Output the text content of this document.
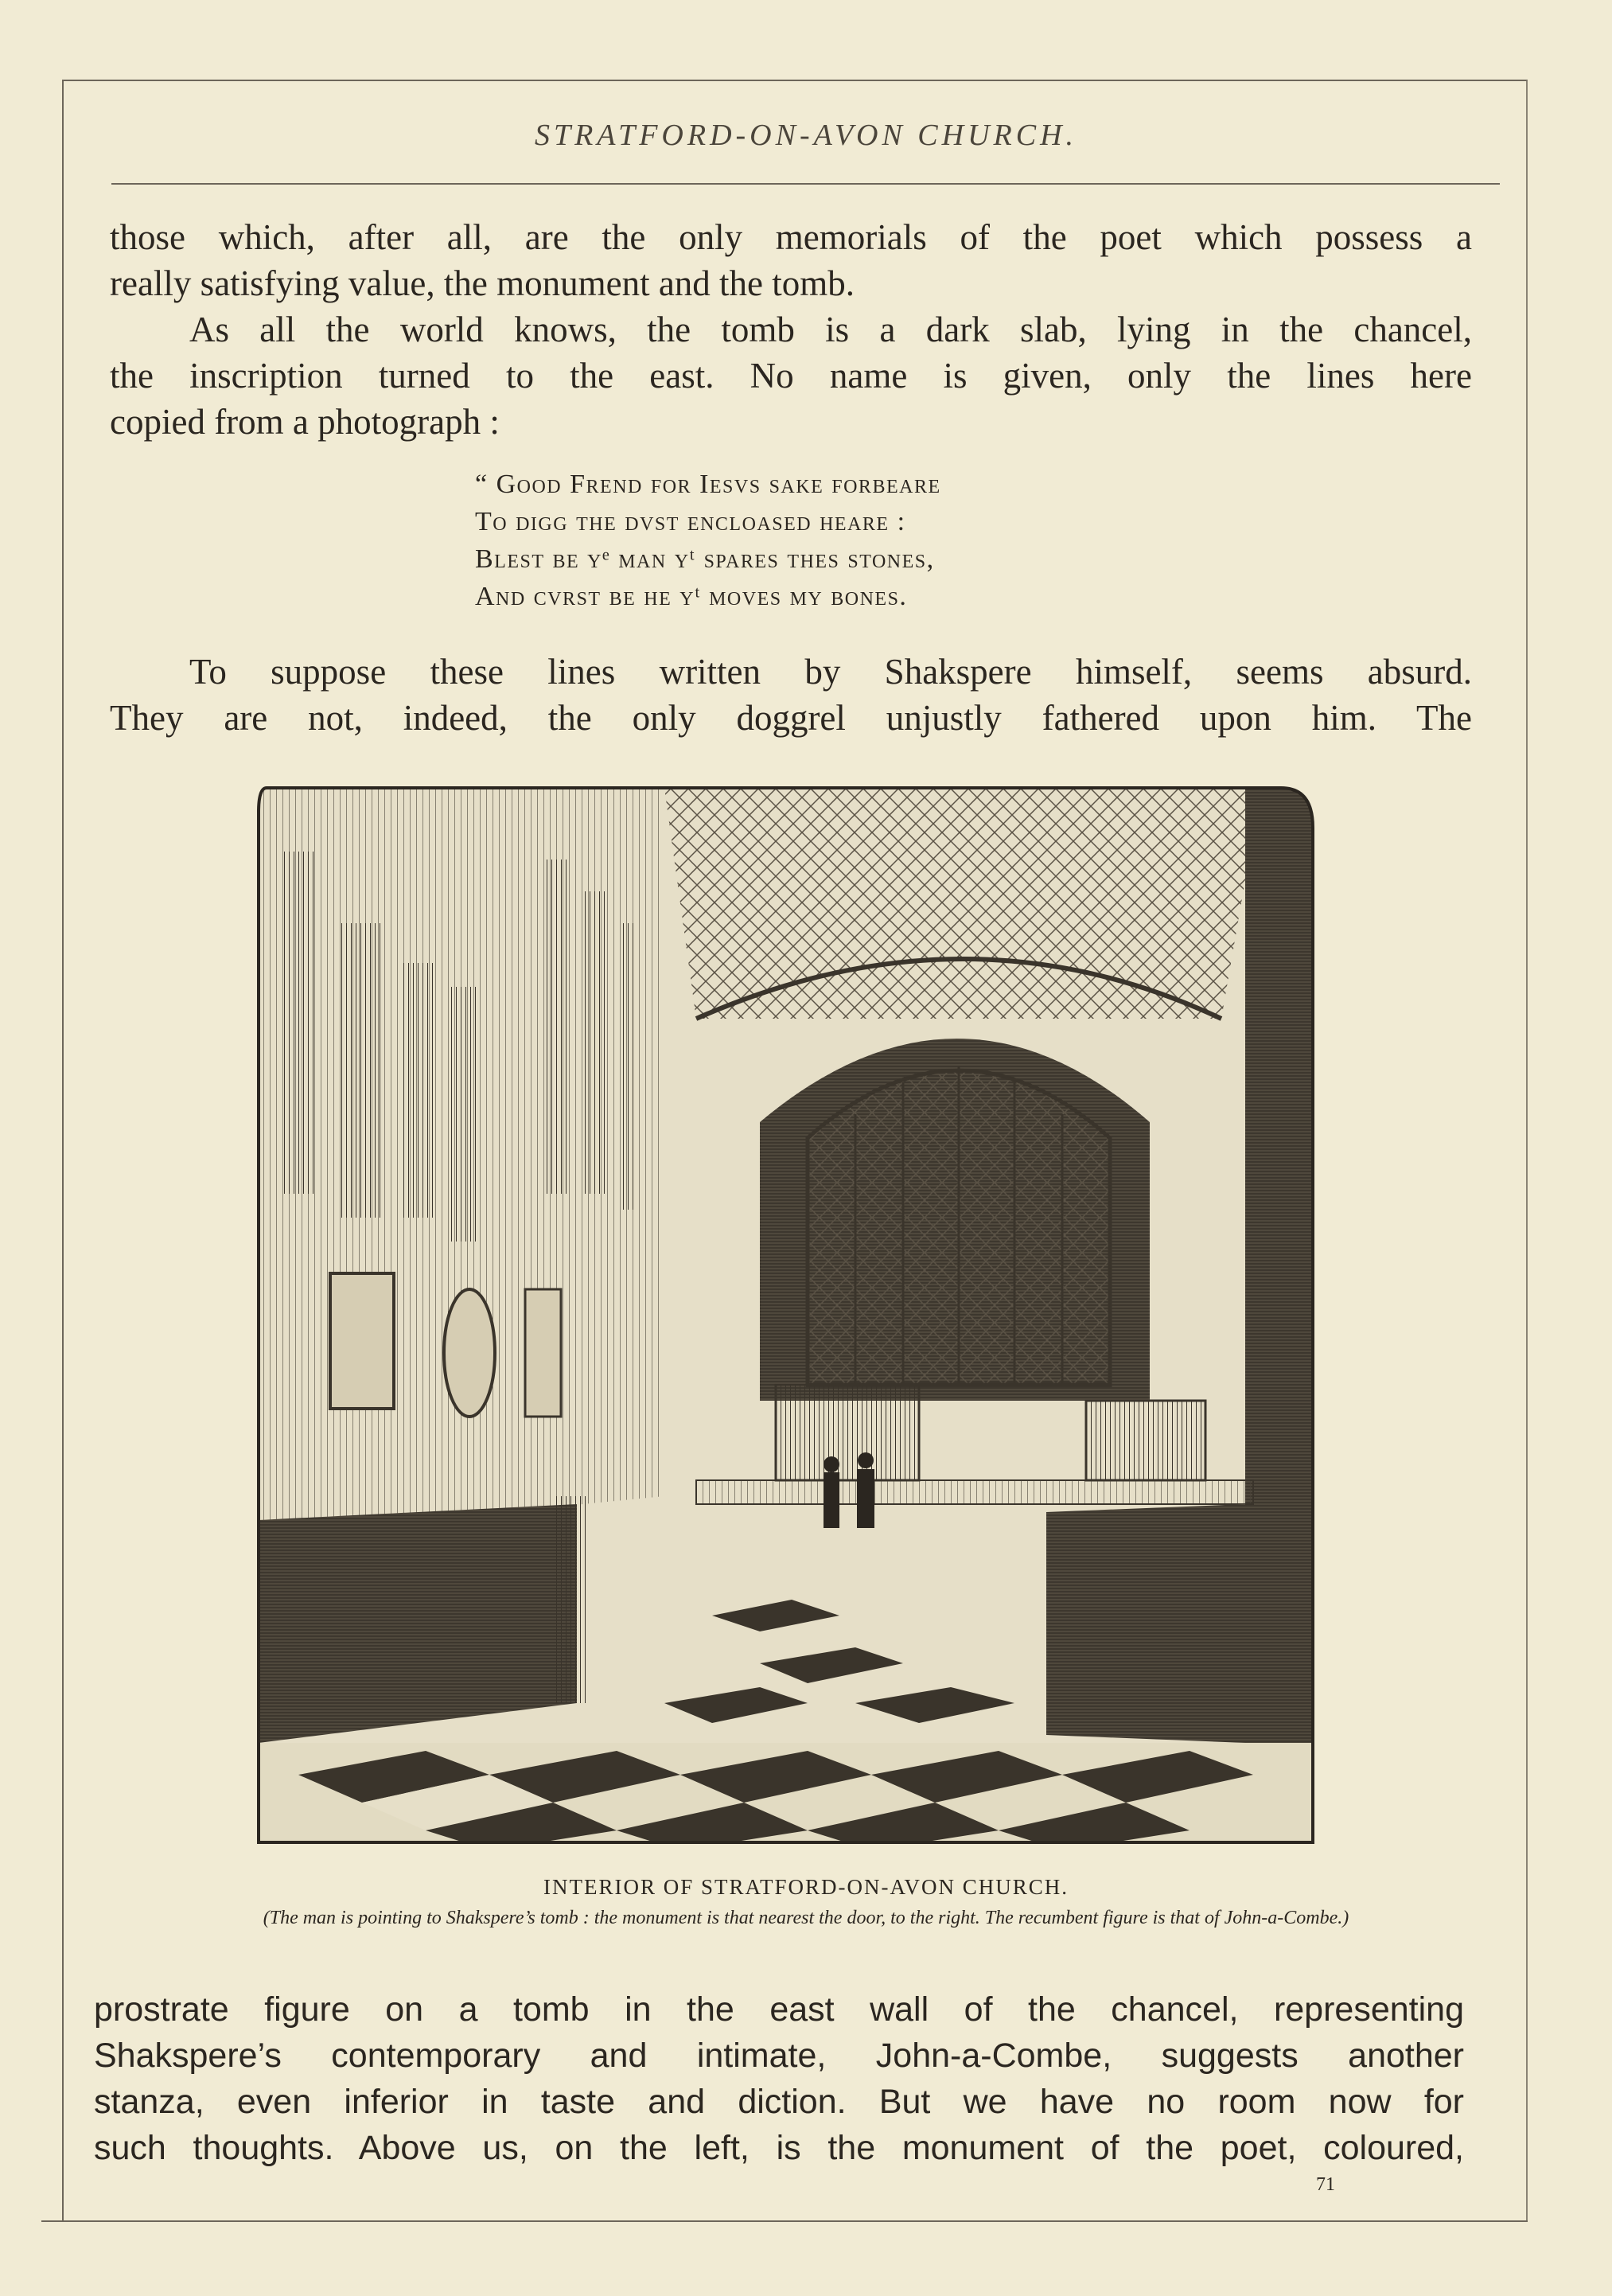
STRATFORD-ON-AVON CHURCH.

those which, after all, are the only memorials of the poet which possess a

really satisfying value, the monument and the tomb.

As all the world knows, the tomb is a dark slab, lying in the chancel,

the inscription turned to the east. No name is given, only the lines here

copied from a photograph :

“ Good Frend for Iesvs sake forbeare
To digg the dvst encloased heare :
Blest be yᵉ man yᵗ spares thes stones,
And cvrst be he yᵗ moves my bones.

To suppose these lines written by Shakspere himself, seems absurd.

They are not, indeed, the only doggrel unjustly fathered upon him. The

INTERIOR OF STRATFORD-ON-AVON CHURCH.
(The man is pointing to Shakspere’s tomb : the monument is that nearest the door, to the right. The recumbent figure is that of John-a-Combe.)

prostrate figure on a tomb in the east wall of the chancel, representing

Shakspere’s contemporary and intimate, John-a-Combe, suggests another

stanza, even inferior in taste and diction. But we have no room now for

such thoughts. Above us, on the left, is the monument of the poet, coloured,

71
